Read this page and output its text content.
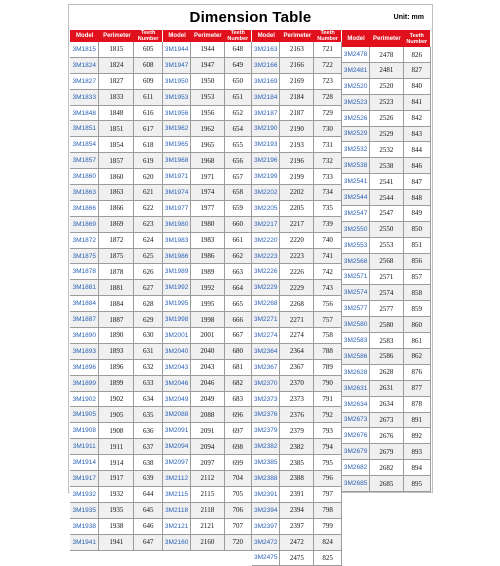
Dimension Table	Unit: mm
Model	Perimeter	Teeth Number
3M1815	1815	605
3M1824	1824	608
3M1827	1827	609
3M1833	1833	611
3M1848	1848	616
3M1851	1851	617
3M1854	1854	618
3M1857	1857	619
3M1860	1860	620
3M1863	1863	621
3M1866	1866	622
3M1869	1869	623
3M1872	1872	624
3M1875	1875	625
3M1878	1878	626
3M1881	1881	627
3M1884	1884	628
3M1887	1887	629
3M1890	1890	630
3M1893	1893	631
3M1896	1896	632
3M1899	1899	633
3M1902	1902	634
3M1905	1905	635
3M1908	1908	636
3M1911	1911	637
3M1914	1914	638
3M1917	1917	639
3M1932	1932	644
3M1935	1935	645
3M1938	1938	646
3M1941	1941	647
Model	Perimeter	Teeth Number
3M1944	1944	648
3M1947	1947	649
3M1950	1950	650
3M1953	1953	651
3M1956	1956	652
3M1962	1962	654
3M1965	1965	655
3M1968	1968	656
3M1971	1971	657
3M1974	1974	658
3M1977	1977	659
3M1980	1980	660
3M1983	1983	661
3M1986	1986	662
3M1989	1989	663
3M1992	1992	664
3M1995	1995	665
3M1998	1998	666
3M2001	2001	667
3M2040	2040	680
3M2043	2043	681
3M2046	2046	682
3M2049	2049	683
3M2088	2088	696
3M2091	2091	697
3M2094	2094	698
3M2097	2097	699
3M2112	2112	704
3M2115	2115	705
3M2118	2118	706
3M2121	2121	707
3M2160	2160	720
Model	Perimeter	Teeth Number
3M2163	2163	721
3M2166	2166	722
3M2169	2169	723
3M2184	2184	728
3M2187	2187	729
3M2190	2190	730
3M2193	2193	731
3M2196	2196	732
3M2199	2199	733
3M2202	2202	734
3M2205	2205	735
3M2217	2217	739
3M2220	2220	740
3M2223	2223	741
3M2226	2226	742
3M2229	2229	743
3M2268	2268	756
3M2271	2271	757
3M2274	2274	758
3M2364	2364	788
3M2367	2367	789
3M2370	2370	790
3M2373	2373	791
3M2376	2376	792
3M2379	2379	793
3M2382	2382	794
3M2385	2385	795
3M2388	2388	796
3M2391	2391	797
3M2394	2394	798
3M2397	2397	799
3M2472	2472	824
3M2475	2475	825
Model	Perimeter	Teeth Number
3M2478	2478	826
3M2481	2481	827
3M2520	2520	840
3M2523	2523	841
3M2526	2526	842
3M2529	2529	843
3M2532	2532	844
3M2538	2538	846
3M2541	2541	847
3M2544	2544	848
3M2547	2547	849
3M2550	2550	850
3M2553	2553	851
3M2568	2568	856
3M2571	2571	857
3M2574	2574	858
3M2577	2577	859
3M2580	2580	860
3M2583	2583	861
3M2586	2586	862
3M2628	2628	876
3M2631	2631	877
3M2634	2634	878
3M2673	2673	891
3M2676	2676	892
3M2679	2679	893
3M2682	2682	894
3M2685	2685	895
